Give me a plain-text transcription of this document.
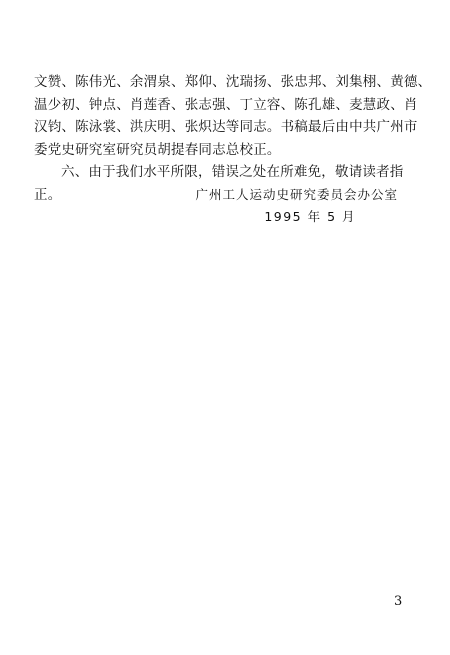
文赞、陈伟光、余渭泉、郑仰、沈瑞扬、张忠邦、刘集栩、黄德、
温少初、钟点、肖莲香、张志强、丁立容、陈孔雄、麦慧政、肖
汉钧、陈泳裳、洪庆明、张炽达等同志。书稿最后由中共广州市
委党史研究室研究员胡提春同志总校正。

六、由于我们水平所限，错误之处在所难免，敬请读者指正。	广州工人运动史研究委员会办公室
1995 年 5 月
3
